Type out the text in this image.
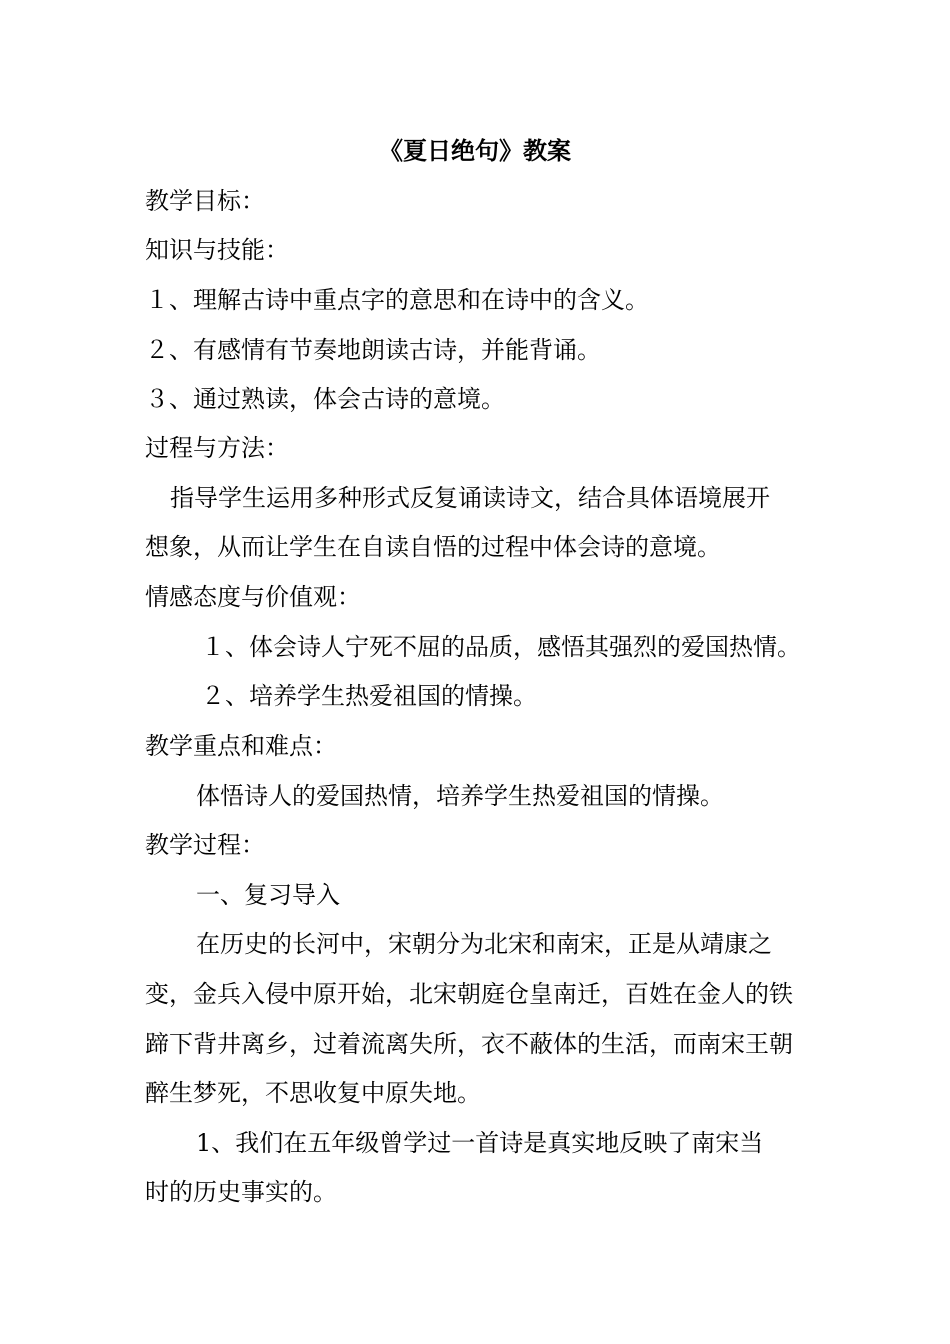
《夏日绝句》教案
教学目标：
知识与技能：
１、理解古诗中重点字的意思和在诗中的含义。
２、有感情有节奏地朗读古诗，并能背诵。
３、通过熟读，体会古诗的意境。
过程与方法：
指导学生运用多种形式反复诵读诗文，结合具体语境展开
想象，从而让学生在自读自悟的过程中体会诗的意境。
情感态度与价值观：
１、体会诗人宁死不屈的品质，感悟其强烈的爱国热情。
２、培养学生热爱祖国的情操。
教学重点和难点：
体悟诗人的爱国热情，培养学生热爱祖国的情操。
教学过程：
一、复习导入
在历史的长河中，宋朝分为北宋和南宋，正是从靖康之
变，金兵入侵中原开始，北宋朝庭仓皇南迁，百姓在金人的铁
蹄下背井离乡，过着流离失所，衣不蔽体的生活，而南宋王朝
醉生梦死，不思收复中原失地。
1、我们在五年级曾学过一首诗是真实地反映了南宋当
时的历史事实的。
